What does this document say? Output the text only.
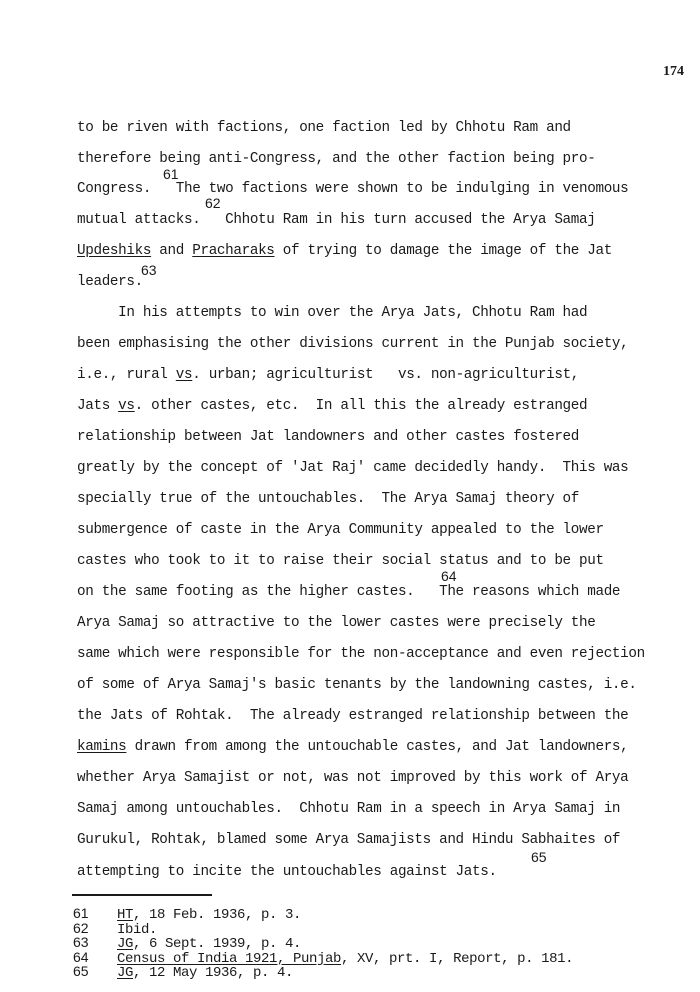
174
to be riven with factions, one faction led by Chhotu Ram and
therefore being anti-Congress, and the other faction being pro-
Congress.   The two factions were shown to be indulging in venomous
mutual attacks.   Chhotu Ram in his turn accused the Arya Samaj
Updeshiks and Pracharaks of trying to damage the image of the Jat
leaders.
In his attempts to win over the Arya Jats, Chhotu Ram had
been emphasising the other divisions current in the Punjab society,
i.e., rural vs. urban; agriculturist   vs. non-agriculturist,
Jats vs. other castes, etc.  In all this the already estranged
relationship between Jat landowners and other castes fostered
greatly by the concept of 'Jat Raj' came decidedly handy.  This was
specially true of the untouchables.  The Arya Samaj theory of
submergence of caste in the Arya Community appealed to the lower
castes who took to it to raise their social status and to be put
on the same footing as the higher castes.   The reasons which made
Arya Samaj so attractive to the lower castes were precisely the
same which were responsible for the non-acceptance and even rejection
of some of Arya Samaj's basic tenants by the landowning castes, i.e.
the Jats of Rohtak.  The already estranged relationship between the
kamins drawn from among the untouchable castes, and Jat landowners,
whether Arya Samajist or not, was not improved by this work of Arya
Samaj among untouchables.  Chhotu Ram in a speech in Arya Samaj in
Gurukul, Rohtak, blamed some Arya Samajists and Hindu Sabhaites of
attempting to incite the untouchables against Jats.
61
62
63
64
65
61 HT, 18 Feb. 1936, p. 3.
62 Ibid.
63 JG, 6 Sept. 1939, p. 4.
64 Census of India 1921, Punjab, XV, prt. I, Report, p. 181.
65 JG, 12 May 1936, p. 4.
